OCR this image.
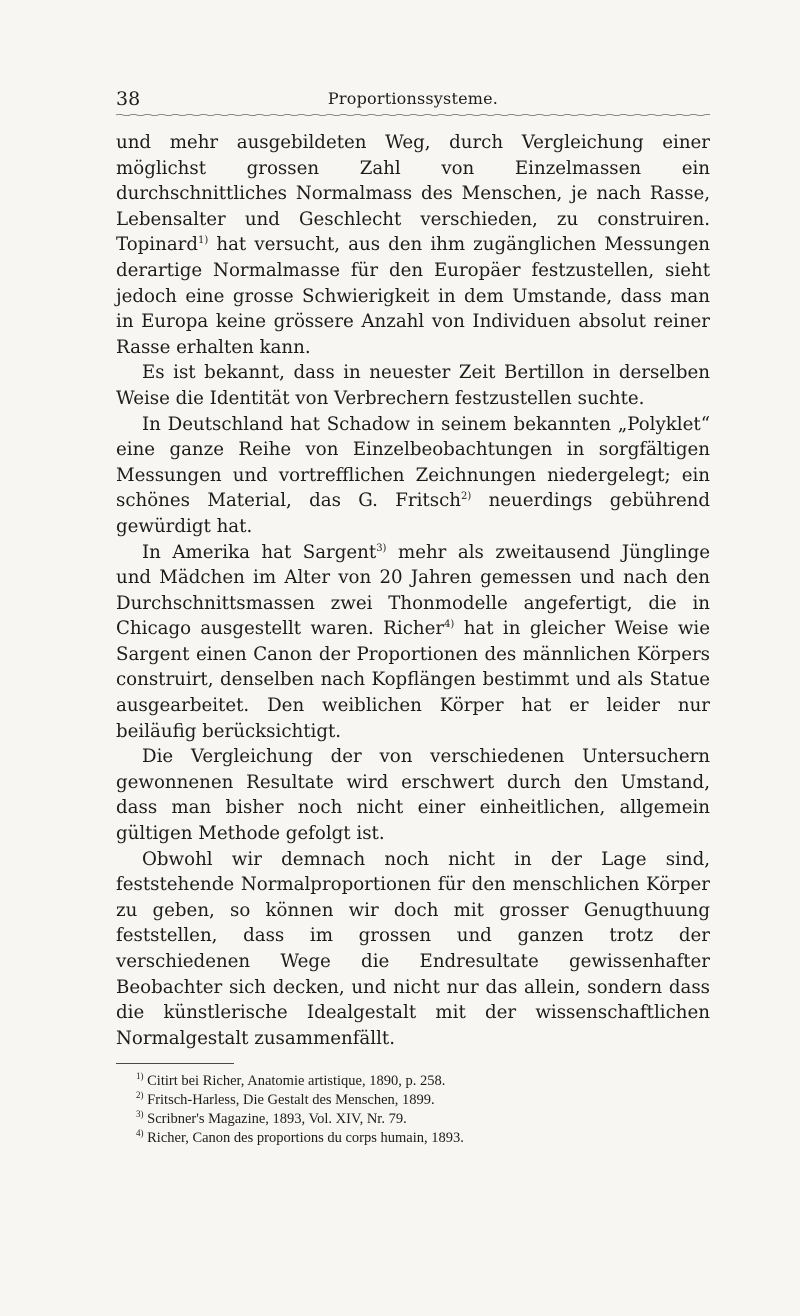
38	Proportionssysteme.

und mehr ausgebildeten Weg, durch Vergleichung einer möglichst grossen Zahl von Einzelmassen ein durchschnittliches Normalmass des Menschen, je nach Rasse, Lebensalter und Geschlecht verschieden, zu construiren. Topinard$^{1)}$ hat versucht, aus den ihm zugänglichen Messungen derartige Normalmasse für den Europäer festzustellen, sieht jedoch eine grosse Schwierigkeit in dem Umstande, dass man in Europa keine grössere Anzahl von Individuen absolut reiner Rasse erhalten kann.

Es ist bekannt, dass in neuester Zeit Bertillon in derselben Weise die Identität von Verbrechern festzustellen suchte.

In Deutschland hat Schadow in seinem bekannten „Polyklet“ eine ganze Reihe von Einzelbeobachtungen in sorgfältigen Messungen und vortrefflichen Zeichnungen niedergelegt; ein schönes Material, das G. Fritsch$^{2)}$ neuerdings gebührend gewürdigt hat.

In Amerika hat Sargent$^{3)}$ mehr als zweitausend Jünglinge und Mädchen im Alter von 20 Jahren gemessen und nach den Durchschnittsmassen zwei Thonmodelle angefertigt, die in Chicago ausgestellt waren. Richer$^{4)}$ hat in gleicher Weise wie Sargent einen Canon der Proportionen des männlichen Körpers construirt, denselben nach Kopflängen bestimmt und als Statue ausgearbeitet. Den weiblichen Körper hat er leider nur beiläufig berücksichtigt.

Die Vergleichung der von verschiedenen Untersuchern gewonnenen Resultate wird erschwert durch den Umstand, dass man bisher noch nicht einer einheitlichen, allgemein gültigen Methode gefolgt ist.

Obwohl wir demnach noch nicht in der Lage sind, feststehende Normalproportionen für den menschlichen Körper zu geben, so können wir doch mit grosser Genugthuung feststellen, dass im grossen und ganzen trotz der verschiedenen Wege die Endresultate gewissenhafter Beobachter sich decken, und nicht nur das allein, sondern dass die künstlerische Idealgestalt mit der wissenschaftlichen Normalgestalt zusammenfällt.

$^{1)}$ Citirt bei Richer, Anatomie artistique, 1890, p. 258.

$^{2)}$ Fritsch-Harless, Die Gestalt des Menschen, 1899.

$^{3)}$ Scribner's Magazine, 1893, Vol. XIV, Nr. 79.

$^{4)}$ Richer, Canon des proportions du corps humain, 1893.
